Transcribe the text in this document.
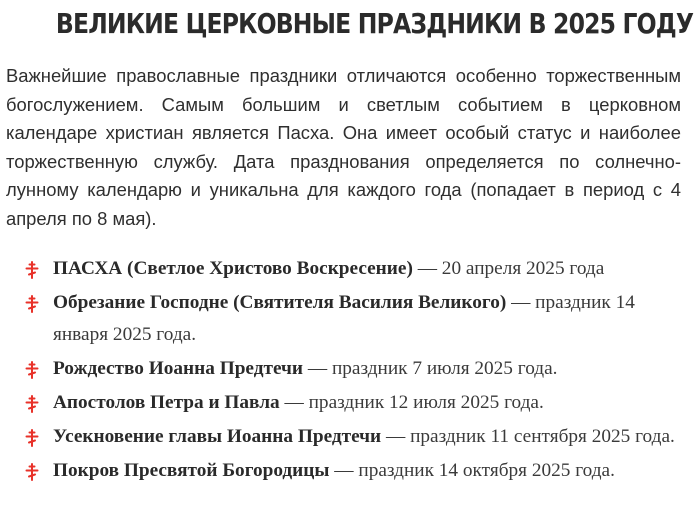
ВЕЛИКИЕ ЦЕРКОВНЫЕ ПРАЗДНИКИ В 2025 ГОДУ

Важнейшие православные праздники отличаются особенно торжественным богослужением. Самым большим и светлым событием в церковном календаре христиан является Пасха. Она имеет особый статус и наиболее торжественную службу. Дата празднования определяется по солнечно-лунному календарю и уникальна для каждого года (попадает в период с 4 апреля по 8 мая).

ПАСХА (Светлое Христово Воскресение) — 20 апреля 2025 года
Обрезание Господне (Святителя Василия Великого) — праздник 14 января 2025 года.
Рождество Иоанна Предтечи — праздник 7 июля 2025 года.
Апостолов Петра и Павла — праздник 12 июля 2025 года.
Усекновение главы Иоанна Предтечи — праздник 11 сентября 2025 года.
Покров Пресвятой Богородицы — праздник 14 октября 2025 года.
